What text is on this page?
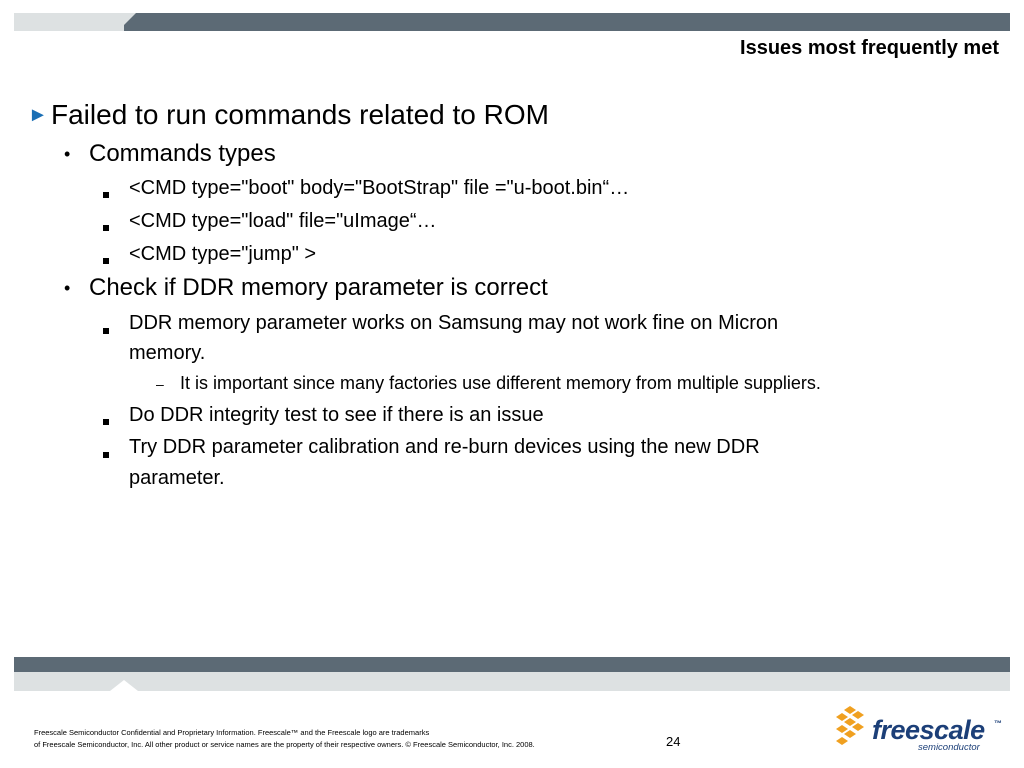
Issues most frequently met
► Failed to run commands related to ROM
• Commands types
<CMD type="boot" body="BootStrap" file ="u-boot.bin“…
<CMD type="load" file="uImage“…
<CMD type="jump" >
• Check if DDR memory parameter is correct
DDR memory parameter works on Samsung may not work fine on Micron
memory.
– It is important since many factories use different memory from multiple suppliers.
Do DDR integrity test to see if there is an issue
Try DDR parameter calibration and re-burn devices using the new DDR
parameter.
Freescale Semiconductor Confidential and Proprietary Information. Freescale™ and the Freescale logo are trademarks
of Freescale Semiconductor, Inc. All other product or service names are the property of their respective owners. © Freescale Semiconductor, Inc. 2008.	24	freescale ™
semiconductor
